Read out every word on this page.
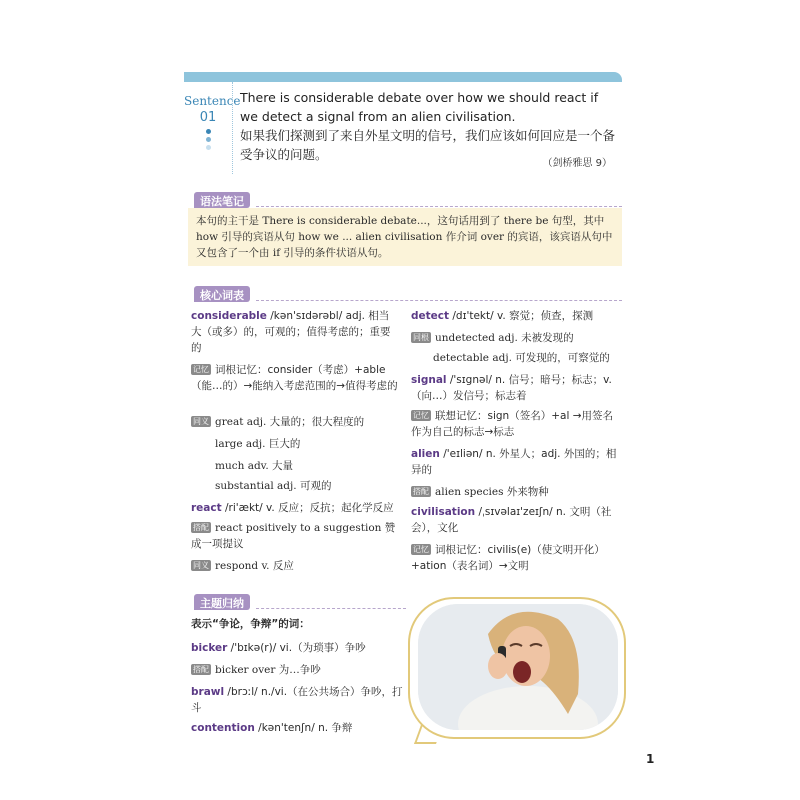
Sentence
01
There is considerable debate over how we should react if we detect a signal from an alien civilisation.
如果我们探测到了来自外星文明的信号，我们应该如何回应是一个备受争议的问题。
（剑桥雅思 9）
语法笔记
本句的主干是 There is considerable debate...，这句话用到了 there be 句型，其中 how 引导的宾语从句 how we ... alien civilisation 作介词 over 的宾语，该宾语从句中又包含了一个由 if 引导的条件状语从句。
核心词表
considerable /kən'sɪdərəbl/ adj. 相当大（或多）的，可观的；值得考虑的；重要的
记忆 词根记忆：consider（考虑）+able（能…的）→能纳入考虑范围的→值得考虑的
同义 great adj. 大量的；很大程度的
large adj. 巨大的
much adv. 大量
substantial adj. 可观的
react /ri'ækt/ v. 反应；反抗；起化学反应
搭配 react positively to a suggestion 赞成一项提议
同义 respond v. 反应
detect /dɪ'tekt/ v. 察觉；侦查，探测
同根 undetected adj. 未被发现的
detectable adj. 可发现的，可察觉的
signal /'sɪgnəl/ n. 信号；暗号；标志；v.（向…）发信号；标志着
记忆 联想记忆：sign（签名）+al →用签名作为自己的标志→标志
alien /'eɪliən/ n. 外星人；adj. 外国的；相异的
搭配 alien species 外来物种
civilisation /ˌsɪvəlaɪ'zeɪʃn/ n. 文明（社会），文化
记忆 词根记忆：civilis(e)（使文明开化）+ation（表名词）→文明
主题归纳
表示“争论，争辩”的词：
bicker /'bɪkə(r)/ vi.（为琐事）争吵
搭配 bicker over 为…争吵
brawl /brɔːl/ n./vi.（在公共场合）争吵，打斗
contention /kən'tenʃn/ n. 争辩
1
